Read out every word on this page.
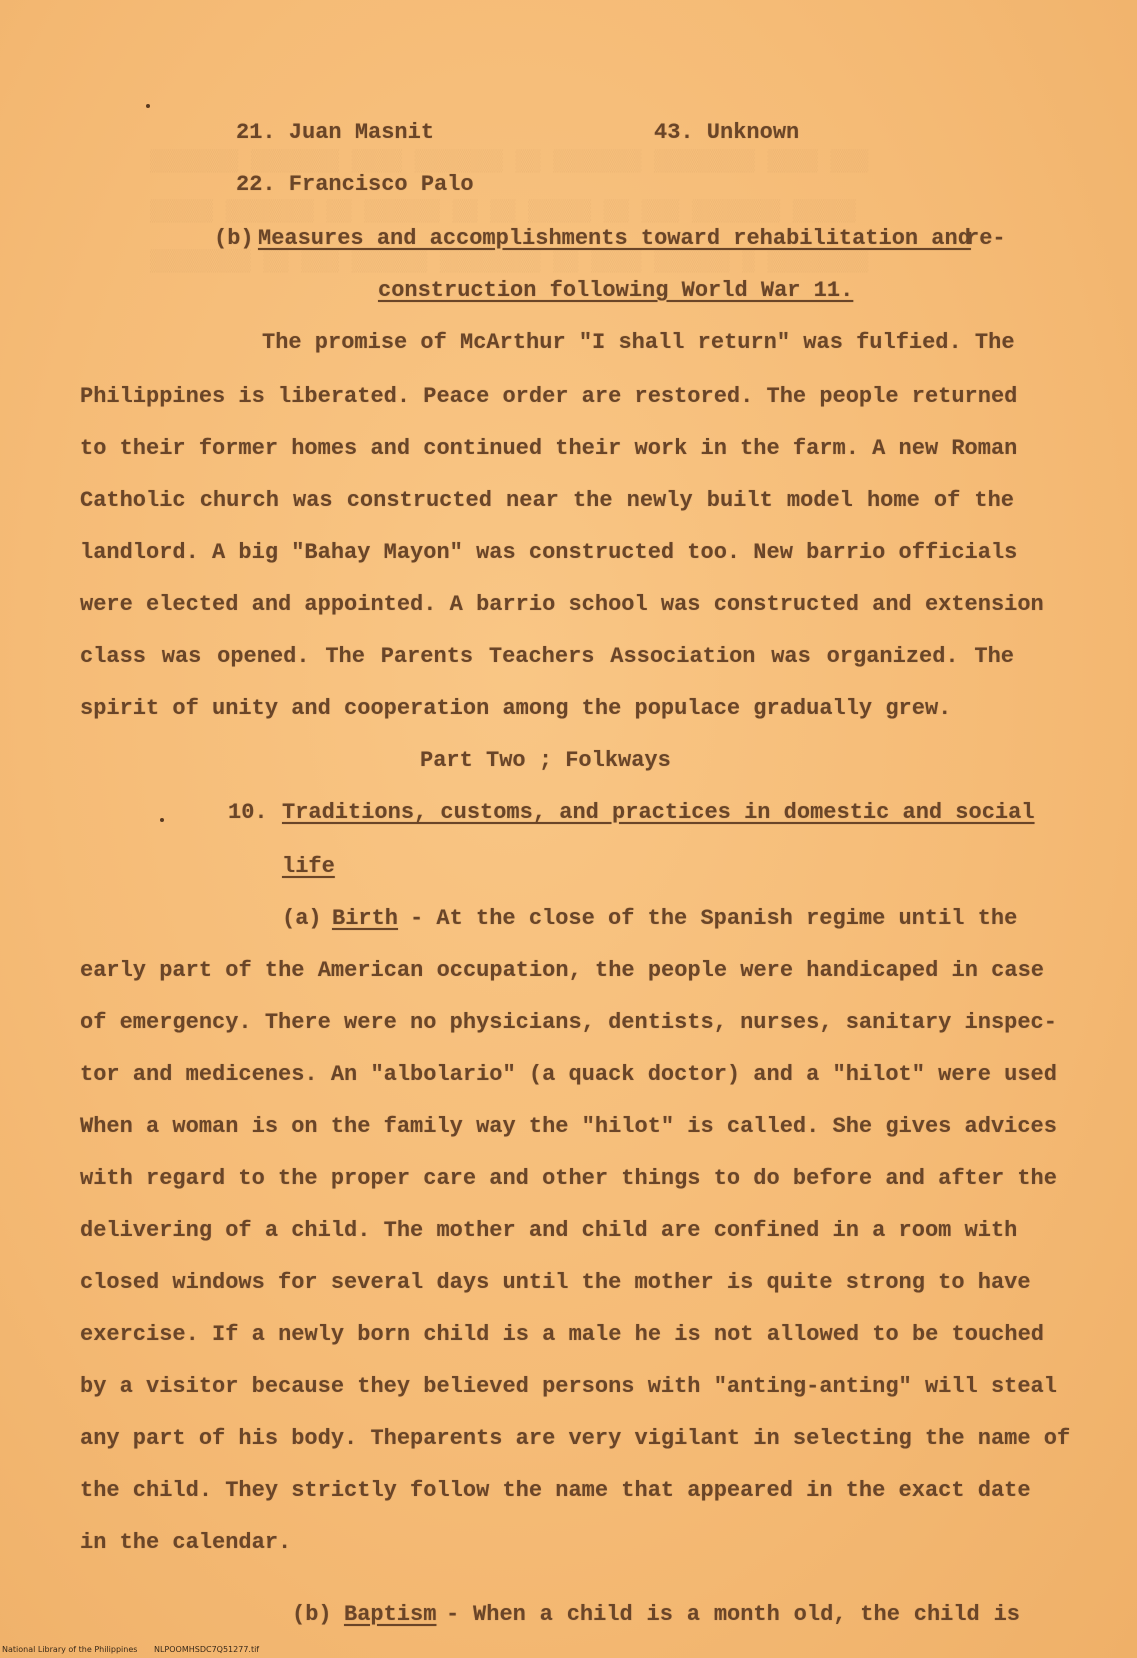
▒▒▒▒▒▒▒ ▒▒▒▒▒▒▒ ▒▒▒▒ ▒▒▒▒▒▒▒ ▒▒ ▒▒▒▒▒▒▒ ▒▒▒▒▒▒▒▒ ▒▒▒▒ ▒▒▒
▒▒▒▒▒ ▒▒▒▒▒▒▒ ▒▒ ▒▒▒▒▒▒ ▒▒ ▒▒ ▒▒▒▒▒ ▒▒ ▒▒▒ ▒▒▒▒▒▒▒ ▒▒▒▒▒
▒▒▒▒▒▒▒▒ ▒▒ ▒▒▒ ▒▒▒▒▒▒ ▒▒▒▒▒▒▒▒ ▒▒ ▒▒▒▒ ▒▒▒▒▒▒ ▒ ▒▒▒▒▒▒▒▒
21. Juan Masnit	43. Unknown
22. Francisco Palo
(b) Measures and accomplishments toward rehabilitation and
re-
construction following World War 11.
The promise of McArthur "I shall return" was fulfied. The
Philippines is liberated. Peace order are restored. The people returned
to their former homes and continued their work in the farm. A new Roman
Catholic church was constructed near the newly built model home of the
landlord. A big "Bahay Mayon" was constructed too. New barrio officials
were elected and appointed. A barrio school was constructed and extension
class was opened. The Parents Teachers Association was organized. The
spirit of unity and cooperation among the populace gradually grew.
Part Two ; Folkways
10. Traditions, customs, and practices in domestic and social
life
(a) Birth - At the close of the Spanish regime until the
early part of the American occupation, the people were handicaped in case
of emergency. There were no physicians, dentists, nurses, sanitary inspec-
tor and medicenes. An "albolario" (a quack doctor) and a "hilot" were used
When a woman is on the family way the "hilot" is called. She gives advices
with regard to the proper care and other things to do before and after the
delivering of a child. The mother and child are confined in a room with
closed windows for several days until the mother is quite strong to have
exercise. If a newly born child is a male he is not allowed to be touched
by a visitor because they believed persons with "anting-anting" will steal
any part of his body. Theparents are very vigilant in selecting the name of
the child. They strictly follow the name that appeared in the exact date
in the calendar.
(b) Baptism - When a child is a month old, the child is
National Library of the Philippines NLPOOMHSDC7Q51277.tif
